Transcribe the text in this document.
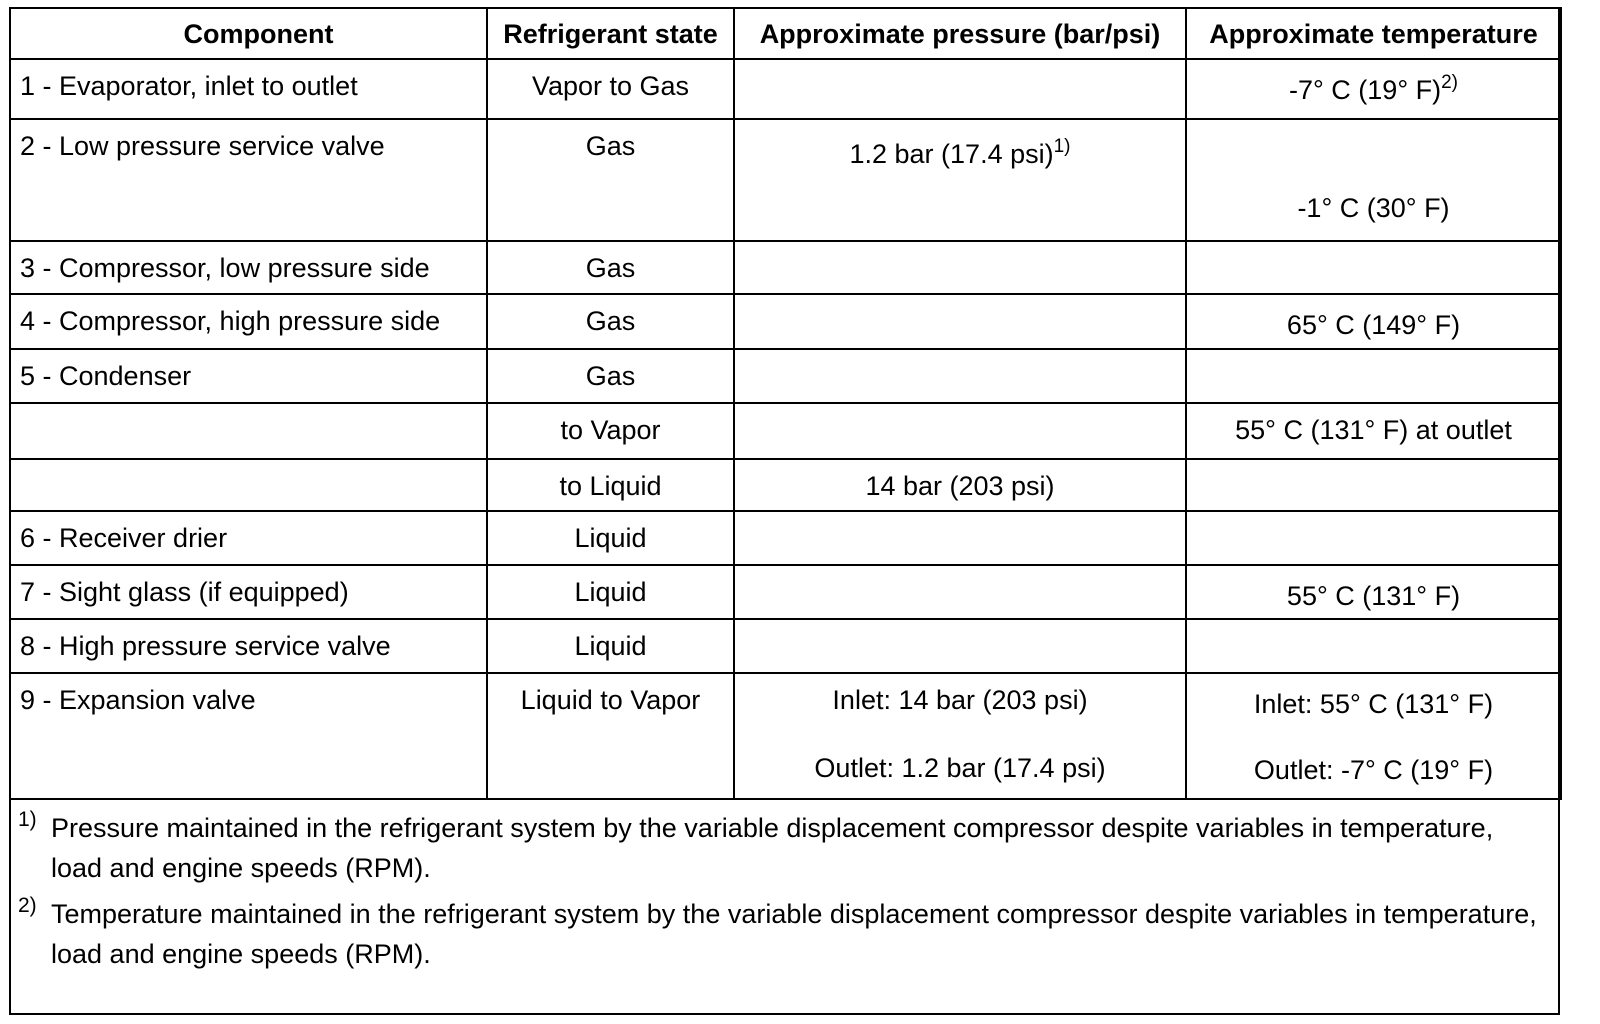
Component	Refrigerant state	Approximate pressure (bar/psi)	Approximate temperature

1 - Evaporator, inlet to outlet	Vapor to Gas		-7° C (19° F)$^{2)}$

2 - Low pressure service valve	Gas	1.2 bar (17.4 psi)$^{1)}$	-1° C (30° F)

3 - Compressor, low pressure side	Gas		

4 - Compressor, high pressure side	Gas		65° C (149° F)

5 - Condenser	Gas		

	to Vapor		55° C (131° F) at outlet

	to Liquid	14 bar (203 psi)	

6 - Receiver drier	Liquid		

7 - Sight glass (if equipped)	Liquid		55° C (131° F)

8 - High pressure service valve	Liquid		

9 - Expansion valve	Liquid to Vapor	Inlet: 14 bar (203 psi)
Outlet: 1.2 bar (17.4 psi)	Inlet: 55° C (131° F)
Outlet: -7° C (19° F)
1) Pressure maintained in the refrigerant system by the variable displacement compressor despite variables in temperature, load and engine speeds (RPM).
2) Temperature maintained in the refrigerant system by the variable displacement compressor despite variables in temperature, load and engine speeds (RPM).
